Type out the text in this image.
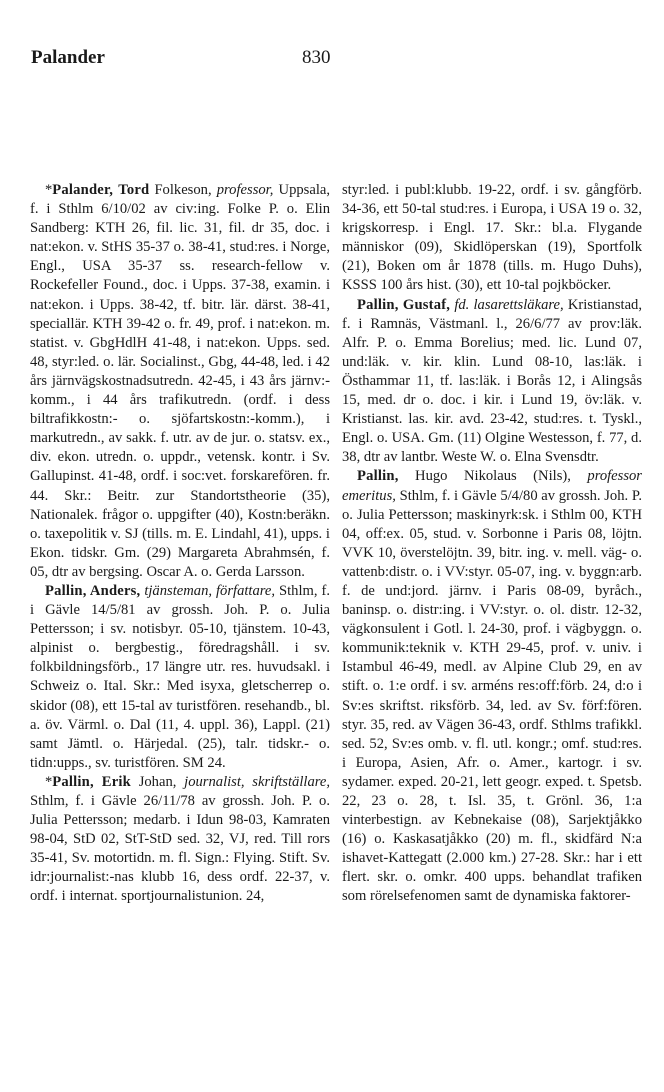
Palander	830

*Palander, Tord Folkeson, professor, Uppsala, f. i Sthlm 6/10/02 av civ:ing. Folke P. o. Elin Sandberg: KTH 26, fil. lic. 31, fil. dr 35, doc. i nat:ekon. v. StHS 35-37 o. 38-41, stud:res. i Norge, Engl., USA 35-37 ss. research-fellow v. Rockefeller Found., doc. i Upps. 37-38, examin. i nat:ekon. i Upps. 38-42, tf. bitr. lär. därst. 38-41, speciallär. KTH 39-42 o. fr. 49, prof. i nat:ekon. m. statist. v. GbgHdlH 41-48, i nat:ekon. Upps. sed. 48, styr:led. o. lär. Socialinst., Gbg, 44-48, led. i 42 års järnvägskostnadsutredn. 42-45, i 43 års järnv:-komm., i 44 års trafikutredn. (ordf. i dess biltrafikkostn:- o. sjöfartskostn:-komm.), i markutredn., av sakk. f. utr. av de jur. o. statsv. ex., div. ekon. utredn. o. uppdr., vetensk. kontr. i Sv. Gallupinst. 41-48, ordf. i soc:vet. forskarefören. fr. 44. Skr.: Beitr. zur Standortstheorie (35), Nationalek. frågor o. uppgifter (40), Kostn:beräkn. o. taxepolitik v. SJ (tills. m. E. Lindahl, 41), upps. i Ekon. tidskr. Gm. (29) Margareta Abrahmsén, f. 05, dtr av bergsing. Oscar A. o. Gerda Larsson.

Pallin, Anders, tjänsteman, författare, Sthlm, f. i Gävle 14/5/81 av grossh. Joh. P. o. Julia Pettersson; i sv. notisbyr. 05-10, tjänstem. 10-43, alpinist o. bergbestig., föredragshåll. i sv. folkbildningsförb., 17 längre utr. res. huvudsakl. i Schweiz o. Ital. Skr.: Med isyxa, gletscherrep o. skidor (08), ett 15-tal av turistfören. resehandb., bl. a. öv. Värml. o. Dal (11, 4. uppl. 36), Lappl. (21) samt Jämtl. o. Härjedal. (25), talr. tidskr.- o. tidn:upps., sv. turistfören. SM 24.

*Pallin, Erik Johan, journalist, skriftställare, Sthlm, f. i Gävle 26/11/78 av grossh. Joh. P. o. Julia Pettersson; medarb. i Idun 98-03, Kamraten 98-04, StD 02, StT-StD sed. 32, VJ, red. Till rors 35-41, Sv. motortidn. m. fl. Sign.: Flying. Stift. Sv. idr:journalist:-nas klubb 16, dess ordf. 22-37, v. ordf. i internat. sportjournalistunion. 24,

styr:led. i publ:klubb. 19-22, ordf. i sv. gångförb. 34-36, ett 50-tal stud:res. i Europa, i USA 19 o. 32, krigskorresp. i Engl. 17. Skr.: bl.a. Flygande människor (09), Skidlöperskan (19), Sportfolk (21), Boken om år 1878 (tills. m. Hugo Duhs), KSSS 100 års hist. (30), ett 10-tal pojkböcker.

Pallin, Gustaf, fd. lasarettsläkare, Kristianstad, f. i Ramnäs, Västmanl. l., 26/6/77 av prov:läk. Alfr. P. o. Emma Borelius; med. lic. Lund 07, und:läk. v. kir. klin. Lund 08-10, las:läk. i Östhammar 11, tf. las:läk. i Borås 12, i Alingsås 15, med. dr o. doc. i kir. i Lund 19, öv:läk. v. Kristianst. las. kir. avd. 23-42, stud:res. t. Tyskl., Engl. o. USA. Gm. (11) Olgine Westesson, f. 77, d. 38, dtr av lantbr. Weste W. o. Elna Svensdtr.

Pallin, Hugo Nikolaus (Nils), professor emeritus, Sthlm, f. i Gävle 5/4/80 av grossh. Joh. P. o. Julia Pettersson; maskinyrk:sk. i Sthlm 00, KTH 04, off:ex. 05, stud. v. Sorbonne i Paris 08, löjtn. VVK 10, överstelöjtn. 39, bitr. ing. v. mell. väg- o. vattenb:distr. o. i VV:styr. 05-07, ing. v. byggn:arb. f. de und:jord. järnv. i Paris 08-09, byråch., baninsp. o. distr:ing. i VV:styr. o. ol. distr. 12-32, vägkonsulent i Gotl. l. 24-30, prof. i vägbyggn. o. kommunik:teknik v. KTH 29-45, prof. v. univ. i Istambul 46-49, medl. av Alpine Club 29, en av stift. o. 1:e ordf. i sv. arméns res:off:förb. 24, d:o i Sv:es skriftst. riksförb. 34, led. av Sv. förf:fören. styr. 35, red. av Vägen 36-43, ordf. Sthlms trafikkl. sed. 52, Sv:es omb. v. fl. utl. kongr.; omf. stud:res. i Europa, Asien, Afr. o. Amer., kartogr. i sv. sydamer. exped. 20-21, lett geogr. exped. t. Spetsb. 22, 23 o. 28, t. Isl. 35, t. Grönl. 36, 1:a vinterbestign. av Kebnekaise (08), Sarjektjåkko (16) o. Kaskasatjåkko (20) m. fl., skidfärd N:a ishavet-Kattegatt (2.000 km.) 27-28. Skr.: har i ett flert. skr. o. omkr. 400 upps. behandlat trafiken som rörelsefenomen samt de dynamiska faktorer-
